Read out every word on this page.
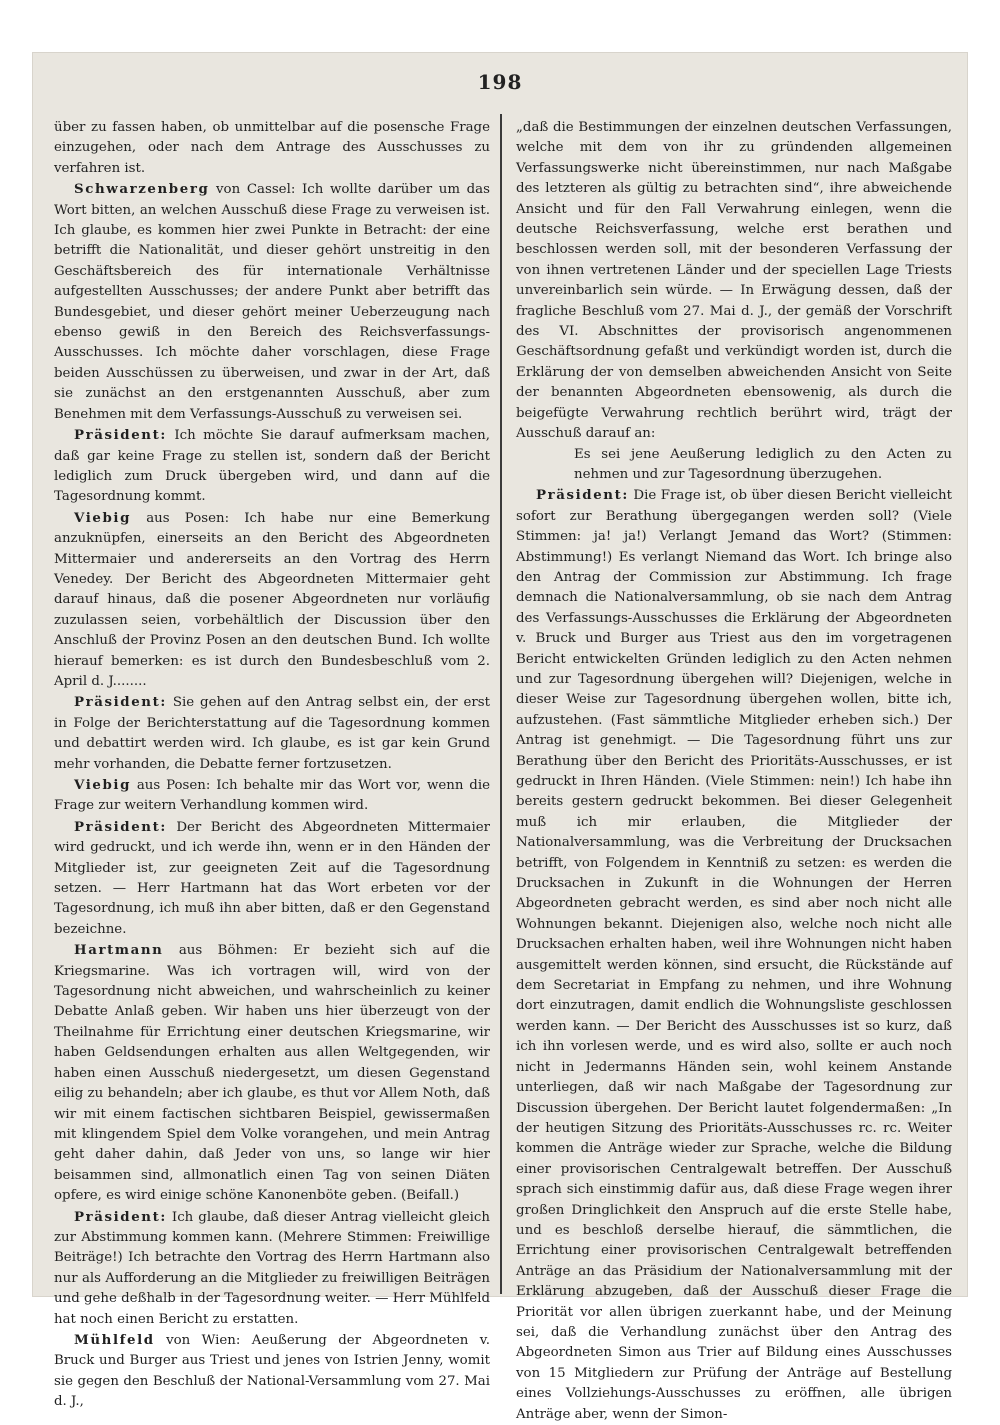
198

über zu fassen haben, ob unmittelbar auf die posensche Frage einzugehen, oder nach dem Antrage des Ausschusses zu verfahren ist.

Schwarzenberg von Cassel: Ich wollte darüber um das Wort bitten, an welchen Ausschuß diese Frage zu verweisen ist. Ich glaube, es kommen hier zwei Punkte in Betracht: der eine betrifft die Nationalität, und dieser gehört unstreitig in den Geschäftsbereich des für internationale Verhältnisse aufgestellten Ausschusses; der andere Punkt aber betrifft das Bundesgebiet, und dieser gehört meiner Ueberzeugung nach ebenso gewiß in den Bereich des Reichsverfassungs-Ausschusses. Ich möchte daher vorschlagen, diese Frage beiden Ausschüssen zu überweisen, und zwar in der Art, daß sie zunächst an den erstgenannten Ausschuß, aber zum Benehmen mit dem Verfassungs-Ausschuß zu verweisen sei.

Präsident: Ich möchte Sie darauf aufmerksam machen, daß gar keine Frage zu stellen ist, sondern daß der Bericht lediglich zum Druck übergeben wird, und dann auf die Tagesordnung kommt.

Viebig aus Posen: Ich habe nur eine Bemerkung anzuknüpfen, einerseits an den Bericht des Abgeordneten Mittermaier und andererseits an den Vortrag des Herrn Venedey. Der Bericht des Abgeordneten Mittermaier geht darauf hinaus, daß die posener Abgeordneten nur vorläufig zuzulassen seien, vorbehältlich der Discussion über den Anschluß der Provinz Posen an den deutschen Bund. Ich wollte hierauf bemerken: es ist durch den Bundesbeschluß vom 2. April d. J........

Präsident: Sie gehen auf den Antrag selbst ein, der erst in Folge der Berichterstattung auf die Tagesordnung kommen und debattirt werden wird. Ich glaube, es ist gar kein Grund mehr vorhanden, die Debatte ferner fortzusetzen.

Viebig aus Posen: Ich behalte mir das Wort vor, wenn die Frage zur weitern Verhandlung kommen wird.

Präsident: Der Bericht des Abgeordneten Mittermaier wird gedruckt, und ich werde ihn, wenn er in den Händen der Mitglieder ist, zur geeigneten Zeit auf die Tagesordnung setzen. — Herr Hartmann hat das Wort erbeten vor der Tagesordnung, ich muß ihn aber bitten, daß er den Gegenstand bezeichne.

Hartmann aus Böhmen: Er bezieht sich auf die Kriegsmarine. Was ich vortragen will, wird von der Tagesordnung nicht abweichen, und wahrscheinlich zu keiner Debatte Anlaß geben. Wir haben uns hier überzeugt von der Theilnahme für Errichtung einer deutschen Kriegsmarine, wir haben Geldsendungen erhalten aus allen Weltgegenden, wir haben einen Ausschuß niedergesetzt, um diesen Gegenstand eilig zu behandeln; aber ich glaube, es thut vor Allem Noth, daß wir mit einem factischen sichtbaren Beispiel, gewissermaßen mit klingendem Spiel dem Volke vorangehen, und mein Antrag geht daher dahin, daß Jeder von uns, so lange wir hier beisammen sind, allmonatlich einen Tag von seinen Diäten opfere, es wird einige schöne Kanonenböte geben. (Beifall.)

Präsident: Ich glaube, daß dieser Antrag vielleicht gleich zur Abstimmung kommen kann. (Mehrere Stimmen: Freiwillige Beiträge!) Ich betrachte den Vortrag des Herrn Hartmann also nur als Aufforderung an die Mitglieder zu freiwilligen Beiträgen und gehe deßhalb in der Tagesordnung weiter. — Herr Mühlfeld hat noch einen Bericht zu erstatten.

Mühlfeld von Wien: Aeußerung der Abgeordneten v. Bruck und Burger aus Triest und jenes von Istrien Jenny, womit sie gegen den Beschluß der National-Versammlung vom 27. Mai d. J.,

„daß die Bestimmungen der einzelnen deutschen Verfassungen, welche mit dem von ihr zu gründenden allgemeinen Verfassungswerke nicht übereinstimmen, nur nach Maßgabe des letzteren als gültig zu betrachten sind“, ihre abweichende Ansicht und für den Fall Verwahrung einlegen, wenn die deutsche Reichsverfassung, welche erst berathen und beschlossen werden soll, mit der besonderen Verfassung der von ihnen vertretenen Länder und der speciellen Lage Triests unvereinbarlich sein würde. — In Erwägung dessen, daß der fragliche Beschluß vom 27. Mai d. J., der gemäß der Vorschrift des VI. Abschnittes der provisorisch angenommenen Geschäftsordnung gefaßt und verkündigt worden ist, durch die Erklärung der von demselben abweichenden Ansicht von Seite der benannten Abgeordneten ebensowenig, als durch die beigefügte Verwahrung rechtlich berührt wird, trägt der Ausschuß darauf an:

Es sei jene Aeußerung lediglich zu den Acten zu nehmen und zur Tagesordnung überzugehen.

Präsident: Die Frage ist, ob über diesen Bericht vielleicht sofort zur Berathung übergegangen werden soll? (Viele Stimmen: ja! ja!) Verlangt Jemand das Wort? (Stimmen: Abstimmung!) Es verlangt Niemand das Wort. Ich bringe also den Antrag der Commission zur Abstimmung. Ich frage demnach die Nationalversammlung, ob sie nach dem Antrag des Verfassungs-Ausschusses die Erklärung der Abgeordneten v. Bruck und Burger aus Triest aus den im vorgetragenen Bericht entwickelten Gründen lediglich zu den Acten nehmen und zur Tagesordnung übergehen will? Diejenigen, welche in dieser Weise zur Tagesordnung übergehen wollen, bitte ich, aufzustehen. (Fast sämmtliche Mitglieder erheben sich.) Der Antrag ist genehmigt. — Die Tagesordnung führt uns zur Berathung über den Bericht des Prioritäts-Ausschusses, er ist gedruckt in Ihren Händen. (Viele Stimmen: nein!) Ich habe ihn bereits gestern gedruckt bekommen. Bei dieser Gelegenheit muß ich mir erlauben, die Mitglieder der Nationalversammlung, was die Verbreitung der Drucksachen betrifft, von Folgendem in Kenntniß zu setzen: es werden die Drucksachen in Zukunft in die Wohnungen der Herren Abgeordneten gebracht werden, es sind aber noch nicht alle Wohnungen bekannt. Diejenigen also, welche noch nicht alle Drucksachen erhalten haben, weil ihre Wohnungen nicht haben ausgemittelt werden können, sind ersucht, die Rückstände auf dem Secretariat in Empfang zu nehmen, und ihre Wohnung dort einzutragen, damit endlich die Wohnungsliste geschlossen werden kann. — Der Bericht des Ausschusses ist so kurz, daß ich ihn vorlesen werde, und es wird also, sollte er auch noch nicht in Jedermanns Händen sein, wohl keinem Anstande unterliegen, daß wir nach Maßgabe der Tagesordnung zur Discussion übergehen. Der Bericht lautet folgendermaßen: „In der heutigen Sitzung des Prioritäts-Ausschusses rc. rc. Weiter kommen die Anträge wieder zur Sprache, welche die Bildung einer provisorischen Centralgewalt betreffen. Der Ausschuß sprach sich einstimmig dafür aus, daß diese Frage wegen ihrer großen Dringlichkeit den Anspruch auf die erste Stelle habe, und es beschloß derselbe hierauf, die sämmtlichen, die Errichtung einer provisorischen Centralgewalt betreffenden Anträge an das Präsidium der Nationalversammlung mit der Erklärung abzugeben, daß der Ausschuß dieser Frage die Priorität vor allen übrigen zuerkannt habe, und der Meinung sei, daß die Verhandlung zunächst über den Antrag des Abgeordneten Simon aus Trier auf Bildung eines Ausschusses von 15 Mitgliedern zur Prüfung der Anträge auf Bestellung eines Vollziehungs-Ausschusses zu eröffnen, alle übrigen Anträge aber, wenn der Simon-
